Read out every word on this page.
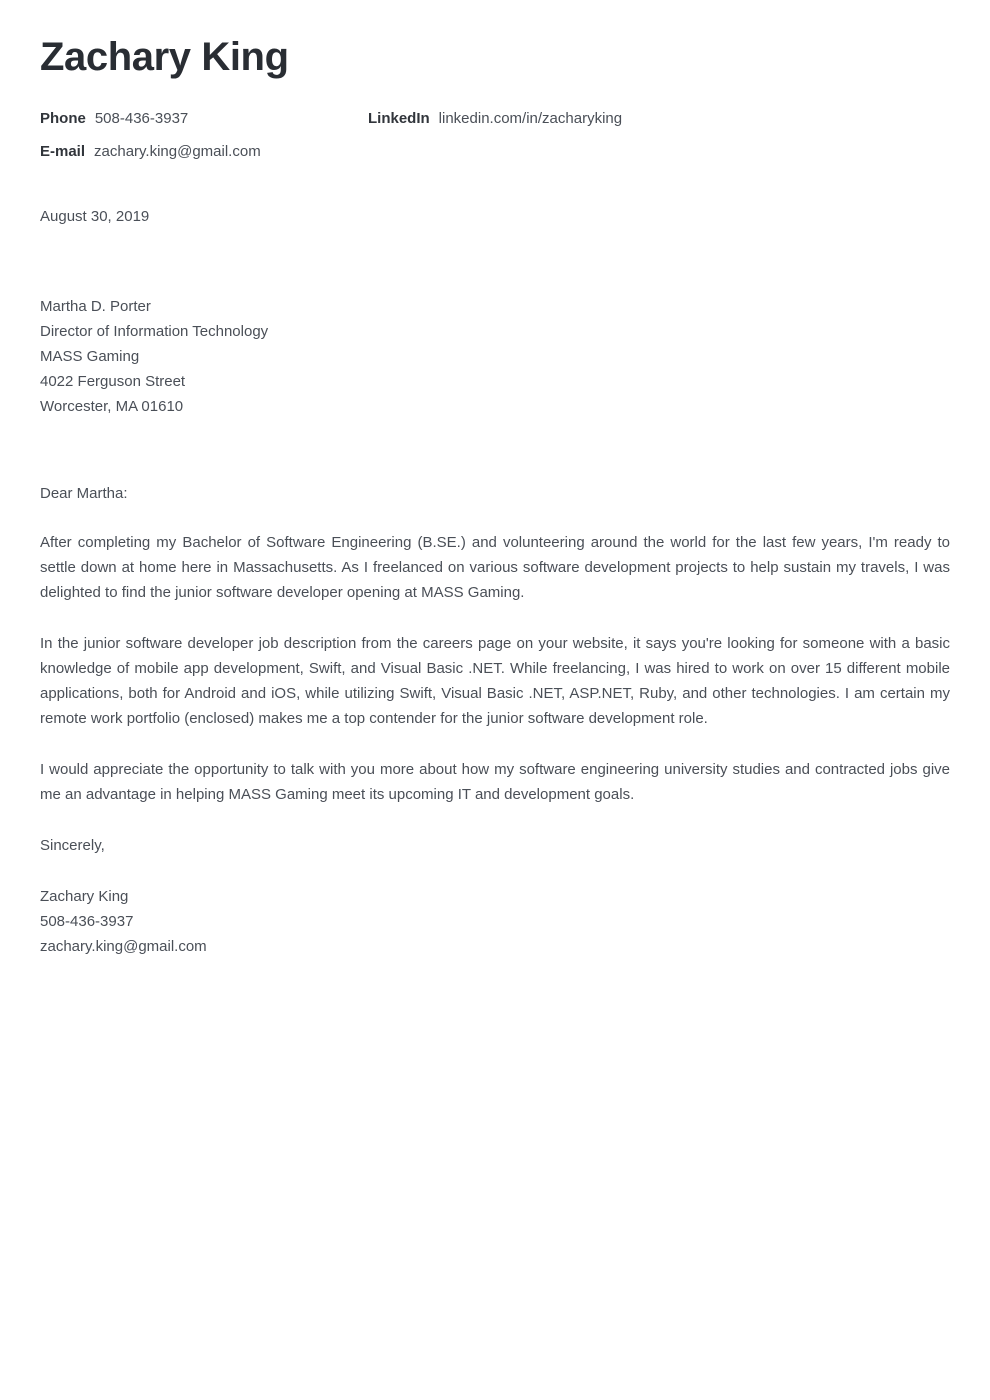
Zachary King
Phone 508-436-3937	LinkedIn linkedin.com/in/zacharyking
E-mail zachary.king@gmail.com
August 30, 2019
Martha D. Porter
Director of Information Technology
MASS Gaming
4022 Ferguson Street
Worcester, MA 01610
Dear Martha:

After completing my Bachelor of Software Engineering (B.SE.) and volunteering around the world for the last few years, I'm ready to settle down at home here in Massachusetts. As I freelanced on various software development projects to help sustain my travels, I was delighted to find the junior software developer opening at MASS Gaming.

In the junior software developer job description from the careers page on your website, it says you're looking for someone with a basic knowledge of mobile app development, Swift, and Visual Basic .NET. While freelancing, I was hired to work on over 15 different mobile applications, both for Android and iOS, while utilizing Swift, Visual Basic .NET, ASP.NET, Ruby, and other technologies. I am certain my remote work portfolio (enclosed) makes me a top contender for the junior software development role.

I would appreciate the opportunity to talk with you more about how my software engineering university studies and contracted jobs give me an advantage in helping MASS Gaming meet its upcoming IT and development goals.

Sincerely,
Zachary King
508-436-3937
zachary.king@gmail.com
